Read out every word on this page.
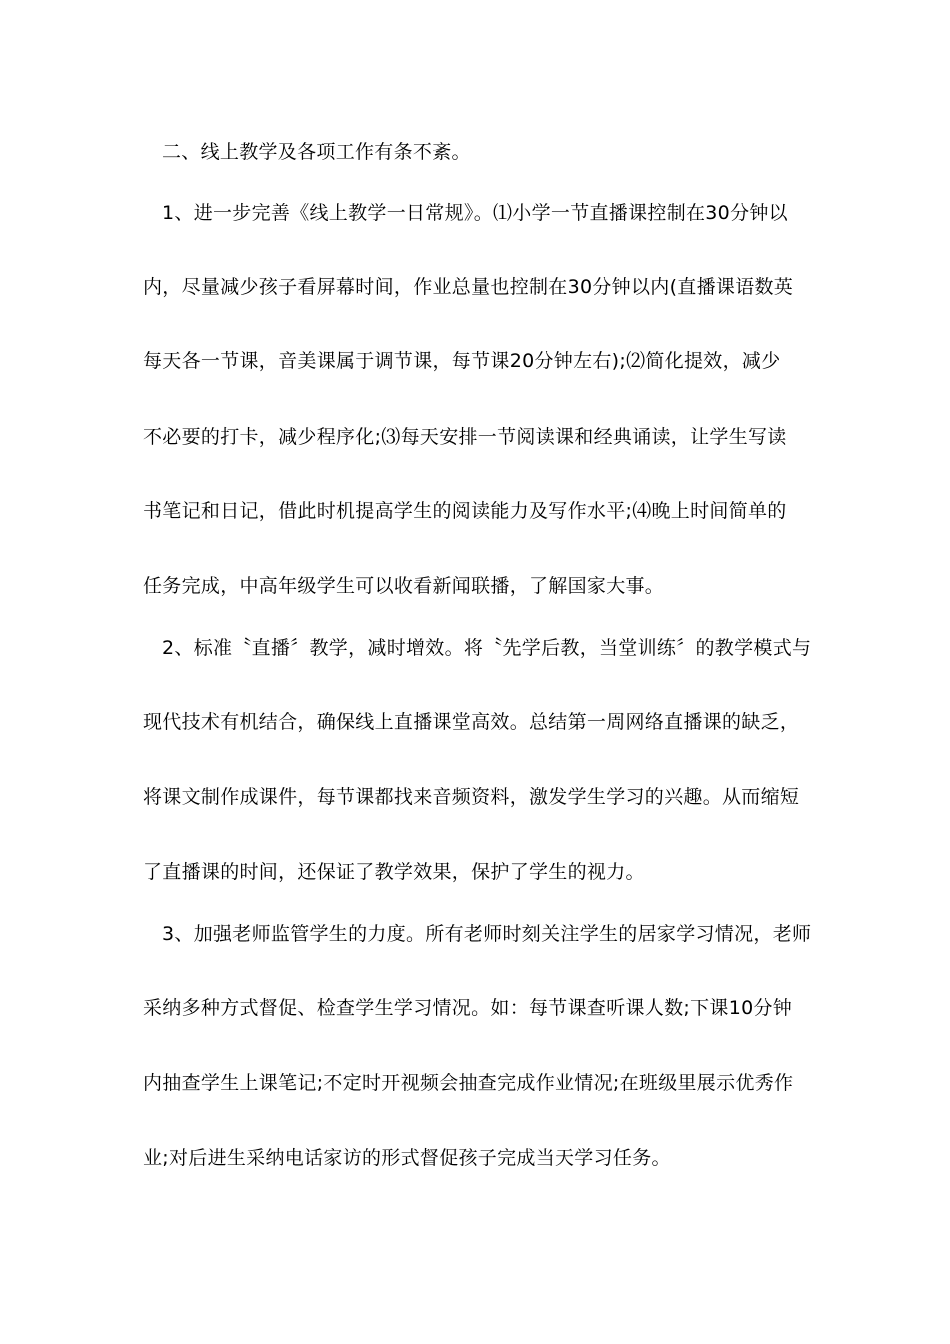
二、线上教学及各项工作有条不紊。
1、进一步完善《线上教学一日常规》。⑴小学一节直播课控制在30分钟以
内，尽量减少孩子看屏幕时间，作业总量也控制在30分钟以内(直播课语数英
每天各一节课，音美课属于调节课，每节课20分钟左右);⑵简化提效，减少
不必要的打卡，减少程序化;⑶每天安排一节阅读课和经典诵读，让学生写读
书笔记和日记，借此时机提高学生的阅读能力及写作水平;⑷晚上时间简单的
任务完成，中高年级学生可以收看新闻联播，了解国家大事。
2、标准〝直播〞教学，减时增效。将〝先学后教，当堂训练〞的教学模式与
现代技术有机结合，确保线上直播课堂高效。总结第一周网络直播课的缺乏，
将课文制作成课件，每节课都找来音频资料，激发学生学习的兴趣。从而缩短
了直播课的时间，还保证了教学效果，保护了学生的视力。
3、加强老师监管学生的力度。所有老师时刻关注学生的居家学习情况，老师
采纳多种方式督促、检查学生学习情况。如：每节课查听课人数;下课10分钟
内抽查学生上课笔记;不定时开视频会抽查完成作业情况;在班级里展示优秀作
业;对后进生采纳电话家访的形式督促孩子完成当天学习任务。
